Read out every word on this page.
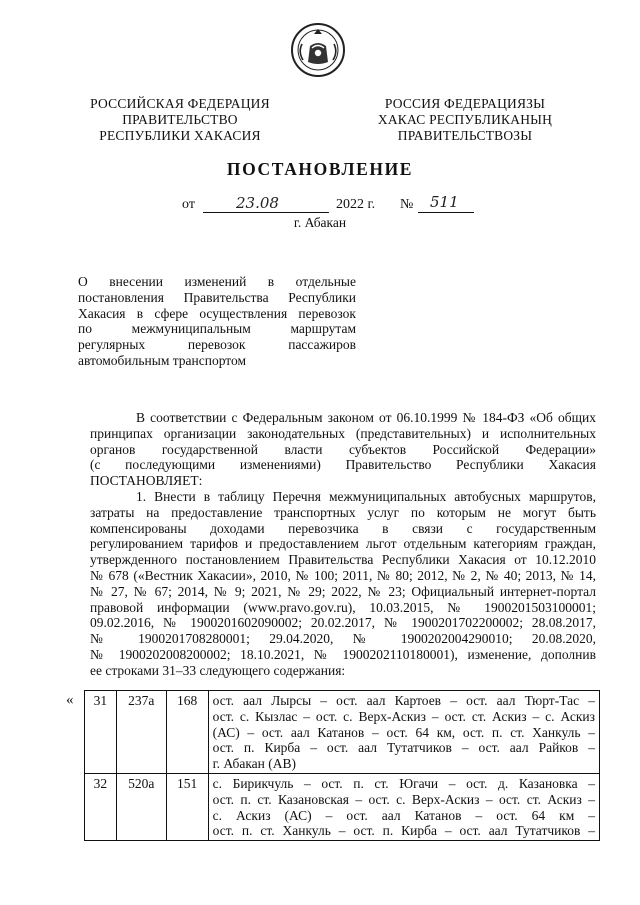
РОССИЙСКАЯ ФЕДЕРАЦИЯ
ПРАВИТЕЛЬСТВО
РЕСПУБЛИКИ ХАКАСИЯ
РОССИЯ ФЕДЕРАЦИЯЗЫ
ХАКАС РЕСПУБЛИКАНЫҢ
ПРАВИТЕЛЬСТВОЗЫ
ПОСТАНОВЛЕНИЕ
от	23.08	2022 г. № 511
г. Абакан
О внесении изменений в отдельные
постановления Правительства Республики
Хакасия в сфере осуществления перевозок
по межмуниципальным маршрутам
регулярных перевозок пассажиров
автомобильным транспортом
В соответствии с Федеральным законом от 06.10.1999 № 184-ФЗ «Об общих
принципах организации законодательных (представительных) и исполнительных
органов государственной власти субъектов Российской Федерации»
(с последующими изменениями) Правительство Республики Хакасия
ПОСТАНОВЛЯЕТ:
1. Внести в таблицу Перечня межмуниципальных автобусных маршрутов,
затраты на предоставление транспортных услуг по которым не могут быть
компенсированы доходами перевозчика в связи с государственным
регулированием тарифов и предоставлением льгот отдельным категориям граждан,
утвержденного постановлением Правительства Республики Хакасия от 10.12.2010
№ 678 («Вестник Хакасии», 2010, № 100; 2011, № 80; 2012, № 2, № 40; 2013, № 14,
№ 27, № 67; 2014, № 9; 2021, № 29; 2022, № 23; Официальный интернет-портал
правовой информации (www.pravo.gov.ru), 10.03.2015, № 1900201503100001;
09.02.2016, № 1900201602090002; 20.02.2017, № 1900201702200002; 28.08.2017,
№ 1900201708280001; 29.04.2020, № 1900202004290010; 20.08.2020,
№ 1900202008200002; 18.10.2021, № 1900202110180001), изменение, дополнив
ее строками 31–33 следующего содержания:
« 31	237а	168	ост. аал Лырсы – ост. аал Картоев – ост. аал Тюрт-Тас –
ост. с. Кызлас – ост. с. Верх-Аскиз – ост. ст. Аскиз – с. Аскиз
(АС) – ост. аал Катанов – ост. 64 км, ост. п. ст. Ханкуль –
ост. п. Кирба – ост. аал Тутатчиков – ост. аал Райков –
г. Абакан (АВ)

32	520а	151	с. Бирикчуль – ост. п. ст. Югачи – ост. д. Казановка –
ост. п. ст. Казановская – ост. с. Верх-Аскиз – ост. ст. Аскиз –
с. Аскиз (АС) – ост. аал Катанов – ост. 64 км –
ост. п. ст. Ханкуль – ост. п. Кирба – ост. аал Тутатчиков –
